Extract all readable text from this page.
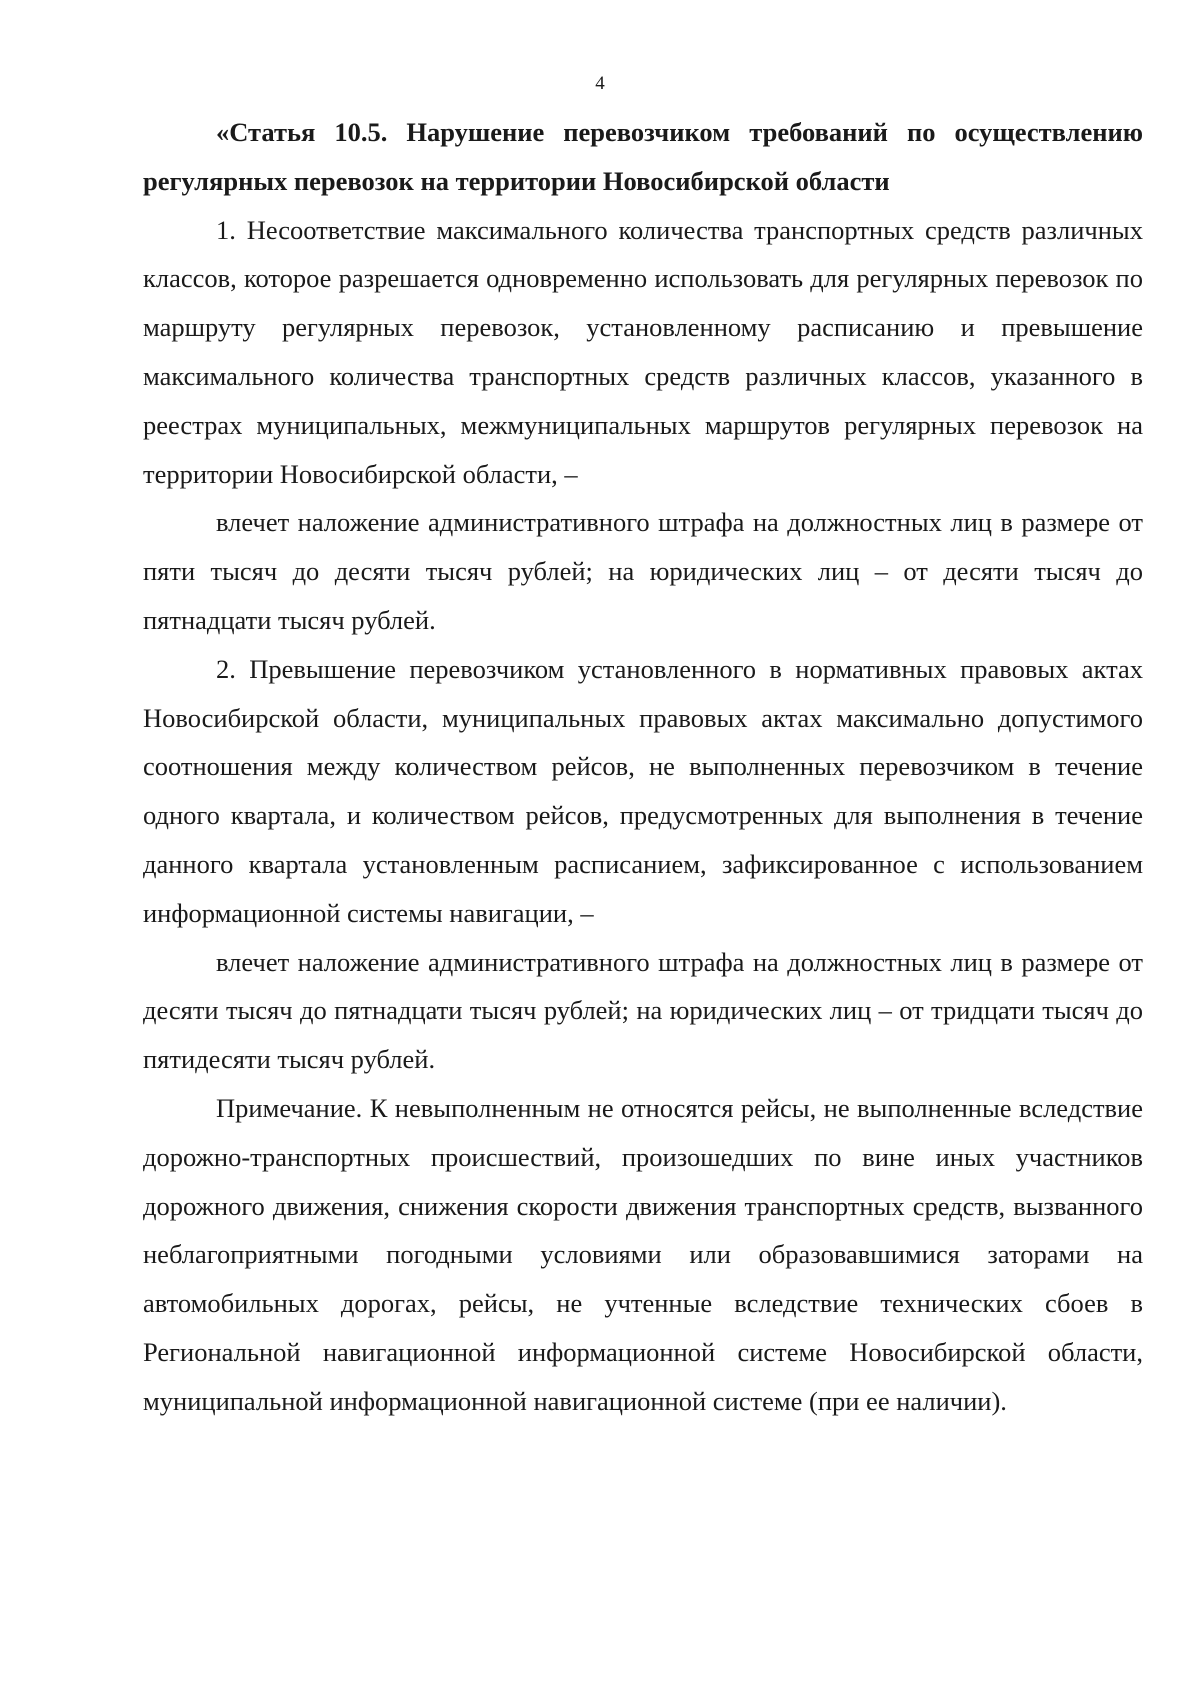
4

«Статья 10.5. Нарушение перевозчиком требований по осуществлению регулярных перевозок на территории Новосибирской области

1. Несоответствие максимального количества транспортных средств различных классов, которое разрешается одновременно использовать для регулярных перевозок по маршруту регулярных перевозок, установленному расписанию и превышение максимального количества транспортных средств различных классов, указанного в реестрах муниципальных, межмуниципальных маршрутов регулярных перевозок на территории Новосибирской области, –

влечет наложение административного штрафа на должностных лиц в размере от пяти тысяч до десяти тысяч рублей; на юридических лиц – от десяти тысяч до пятнадцати тысяч рублей.

2. Превышение перевозчиком установленного в нормативных правовых актах Новосибирской области, муниципальных правовых актах максимально допустимого соотношения между количеством рейсов, не выполненных перевозчиком в течение одного квартала, и количеством рейсов, предусмотренных для выполнения в течение данного квартала установленным расписанием, зафиксированное с использованием информационной системы навигации, –

влечет наложение административного штрафа на должностных лиц в размере от десяти тысяч до пятнадцати тысяч рублей; на юридических лиц – от тридцати тысяч до пятидесяти тысяч рублей.

Примечание. К невыполненным не относятся рейсы, не выполненные вследствие дорожно-транспортных происшествий, произошедших по вине иных участников дорожного движения, снижения скорости движения транспортных средств, вызванного неблагоприятными погодными условиями или образовавшимися заторами на автомобильных дорогах, рейсы, не учтенные вследствие технических сбоев в Региональной навигационной информационной системе Новосибирской области, муниципальной информационной навигационной системе (при ее наличии).
